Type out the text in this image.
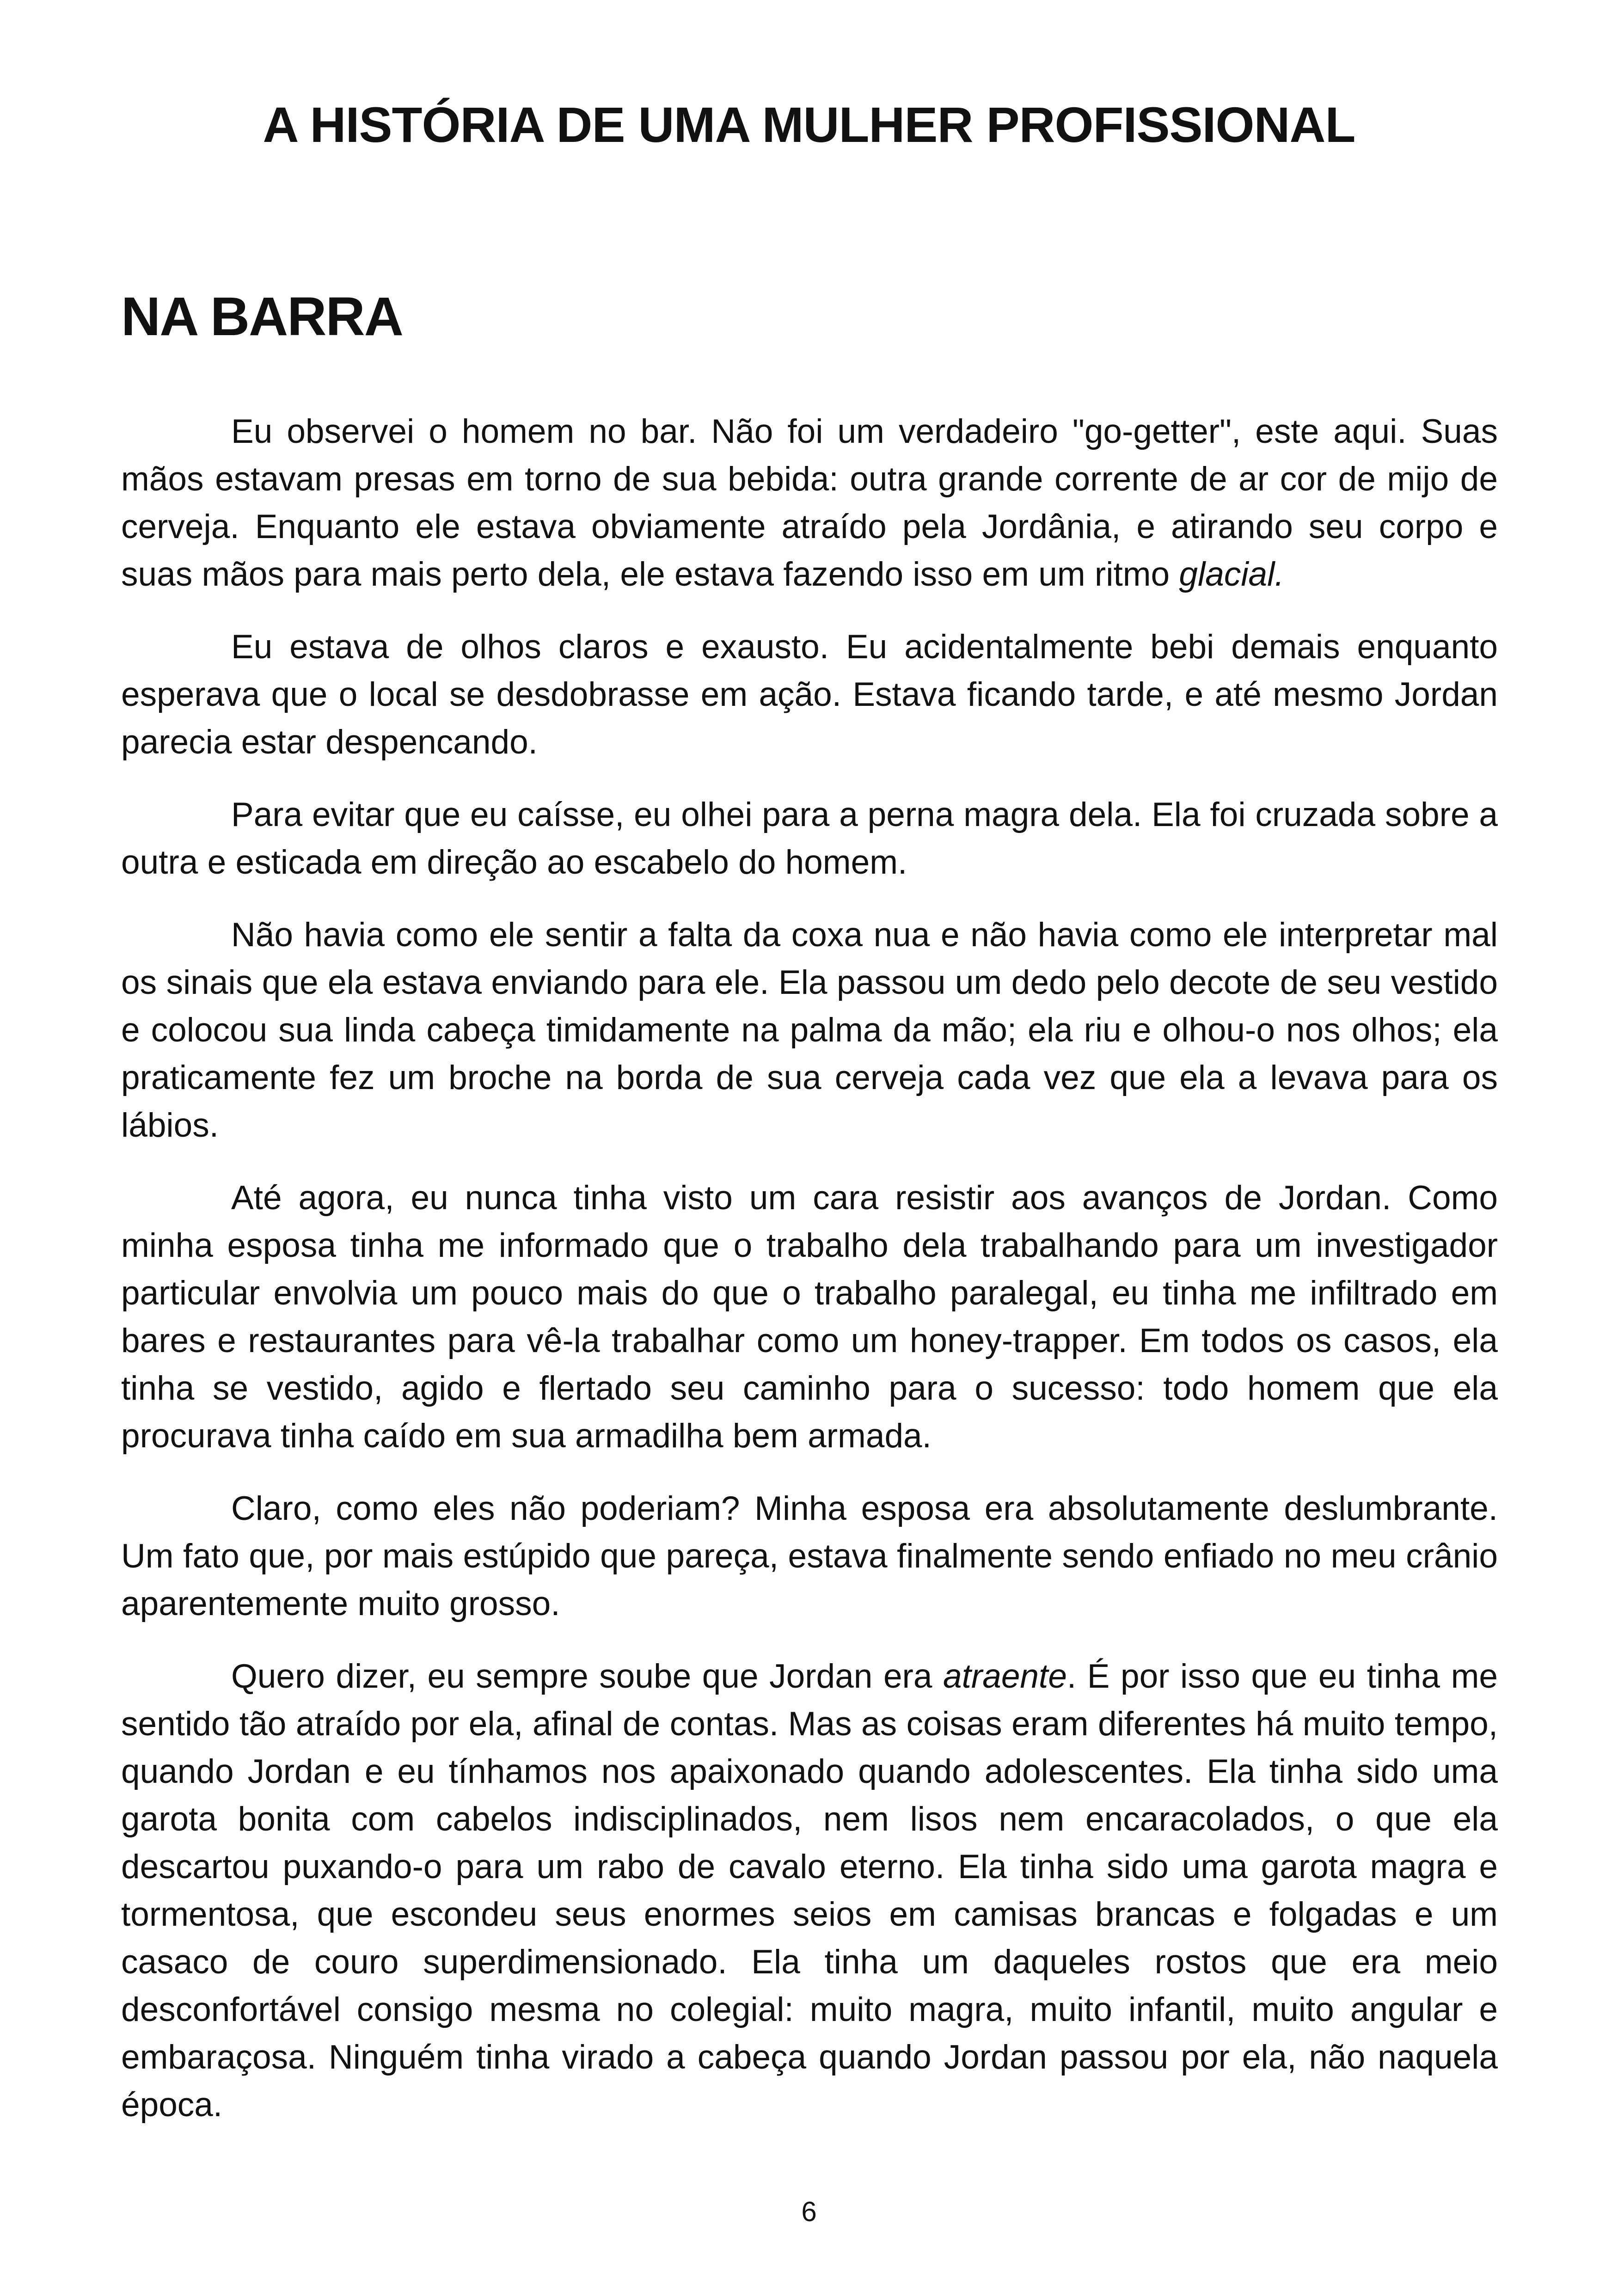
A HISTÓRIA DE UMA MULHER PROFISSIONAL
NA BARRA

Eu observei o homem no bar. Não foi um verdadeiro "go-getter", este aqui. Suas mãos estavam presas em torno de sua bebida: outra grande corrente de ar cor de mijo de cerveja. Enquanto ele estava obviamente atraído pela Jordânia, e atirando seu corpo e suas mãos para mais perto dela, ele estava fazendo isso em um ritmo glacial.

Eu estava de olhos claros e exausto. Eu acidentalmente bebi demais enquanto esperava que o local se desdobrasse em ação. Estava ficando tarde, e até mesmo Jordan parecia estar despencando.

Para evitar que eu caísse, eu olhei para a perna magra dela. Ela foi cruzada sobre a outra e esticada em direção ao escabelo do homem.

Não havia como ele sentir a falta da coxa nua e não havia como ele interpretar mal os sinais que ela estava enviando para ele. Ela passou um dedo pelo decote de seu vestido e colocou sua linda cabeça timidamente na palma da mão; ela riu e olhou-o nos olhos; ela praticamente fez um broche na borda de sua cerveja cada vez que ela a levava para os lábios.

Até agora, eu nunca tinha visto um cara resistir aos avanços de Jordan. Como minha esposa tinha me informado que o trabalho dela trabalhando para um investigador particular envolvia um pouco mais do que o trabalho paralegal, eu tinha me infiltrado em bares e restaurantes para vê-la trabalhar como um honey-trapper. Em todos os casos, ela tinha se vestido, agido e flertado seu caminho para o sucesso: todo homem que ela procurava tinha caído em sua armadilha bem armada.

Claro, como eles não poderiam? Minha esposa era absolutamente deslumbrante. Um fato que, por mais estúpido que pareça, estava finalmente sendo enfiado no meu crânio aparentemente muito grosso.

Quero dizer, eu sempre soube que Jordan era atraente. É por isso que eu tinha me sentido tão atraído por ela, afinal de contas. Mas as coisas eram diferentes há muito tempo, quando Jordan e eu tínhamos nos apaixonado quando adolescentes. Ela tinha sido uma garota bonita com cabelos indisciplinados, nem lisos nem encaracolados, o que ela descartou puxando-o para um rabo de cavalo eterno. Ela tinha sido uma garota magra e tormentosa, que escondeu seus enormes seios em camisas brancas e folgadas e um casaco de couro superdimensionado. Ela tinha um daqueles rostos que era meio desconfortável consigo mesma no colegial: muito magra, muito infantil, muito angular e embaraçosa. Ninguém tinha virado a cabeça quando Jordan passou por ela, não naquela época.

6
